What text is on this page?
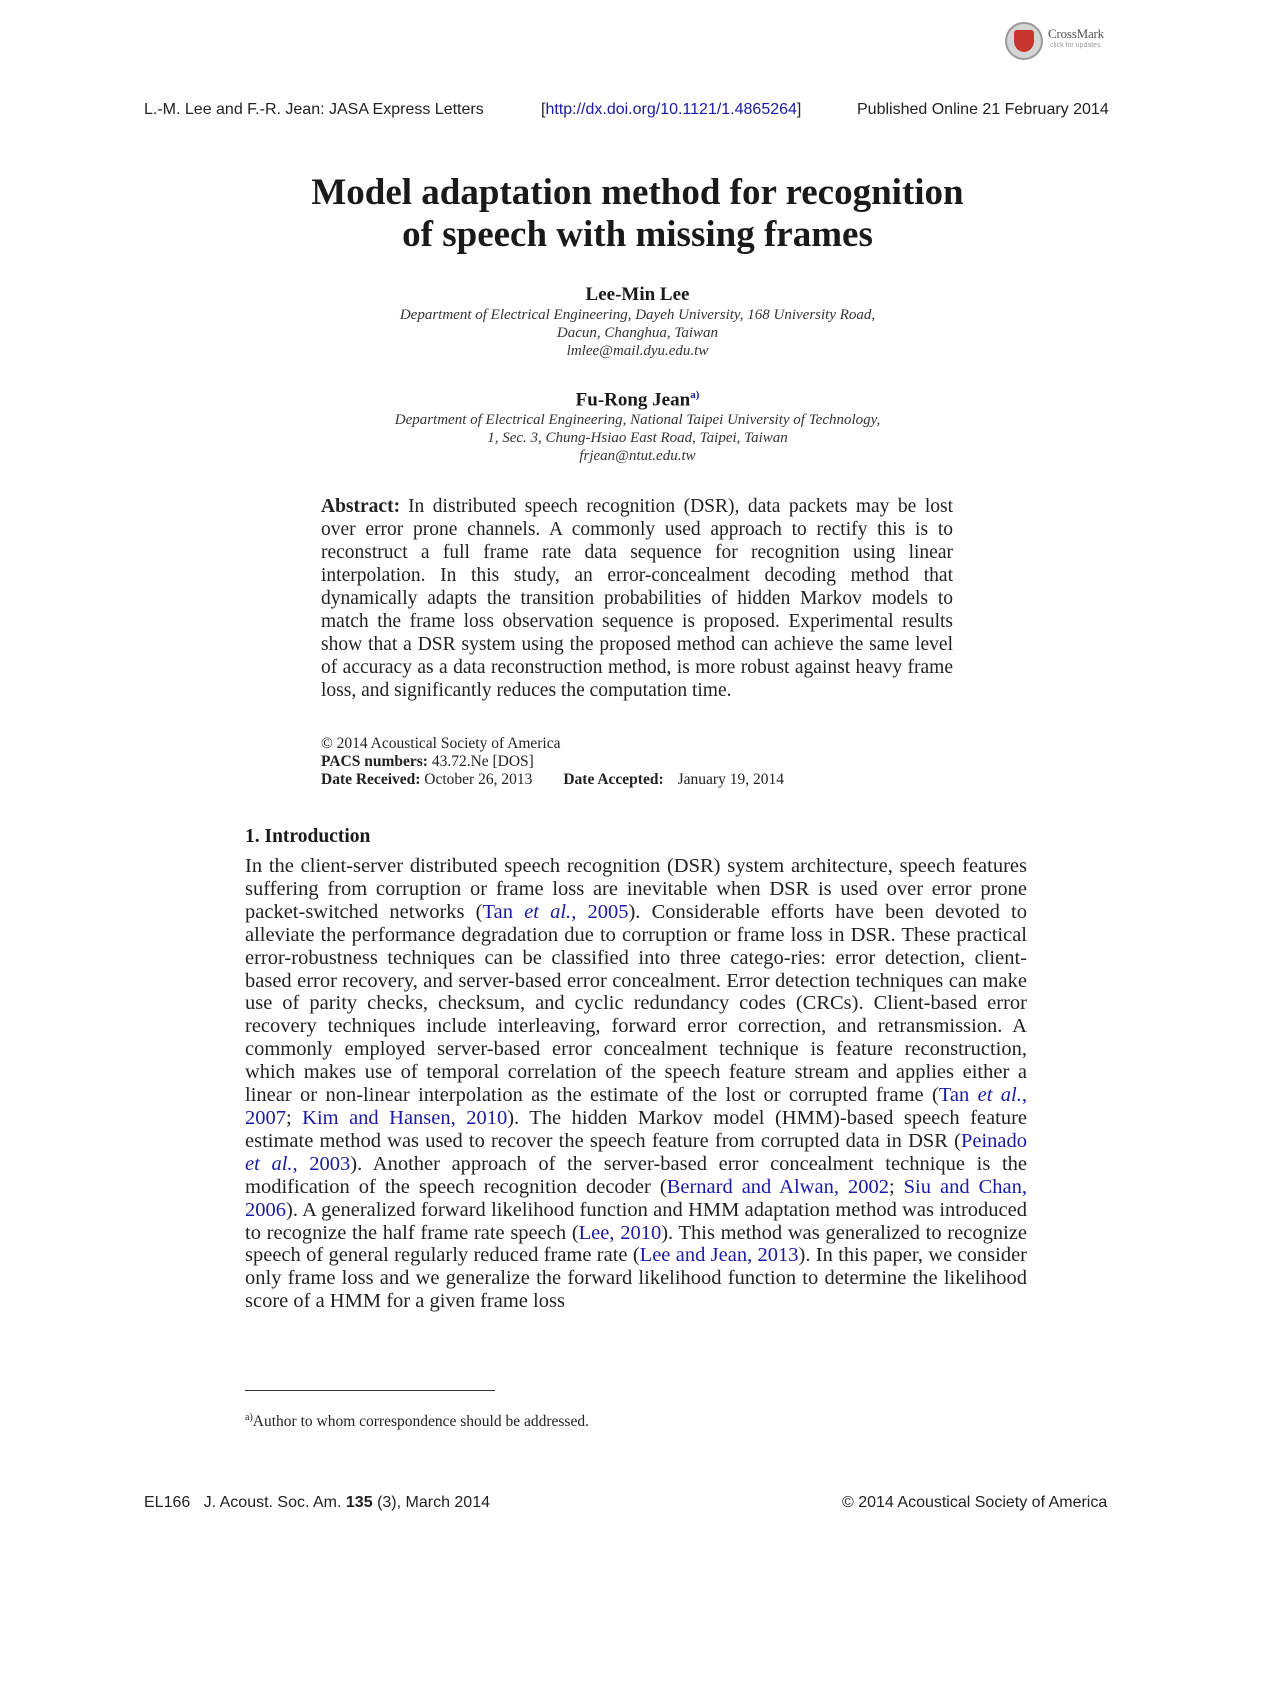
CrossMark
click for updates
L.-M. Lee and F.-R. Jean: JASA Express Letters	[http://dx.doi.org/10.1121/1.4865264]	Published Online 21 February 2014
Model adaptation method for recognition
of speech with missing frames
Lee-Min Lee
Department of Electrical Engineering, Dayeh University, 168 University Road,
Dacun, Changhua, Taiwan
lmlee@mail.dyu.edu.tw
Fu-Rong Jean$^{a)}$
Department of Electrical Engineering, National Taipei University of Technology,
1, Sec. 3, Chung-Hsiao East Road, Taipei, Taiwan
frjean@ntut.edu.tw
Abstract: In distributed speech recognition (DSR), data packets may be lost over error prone channels. A commonly used approach to rectify this is to reconstruct a full frame rate data sequence for recognition using linear interpolation. In this study, an error-concealment decoding method that dynamically adapts the transition probabilities of hidden Markov models to match the frame loss observation sequence is proposed. Experimental results show that a DSR system using the proposed method can achieve the same level of accuracy as a data reconstruction method, is more robust against heavy frame loss, and significantly reduces the computation time.
© 2014 Acoustical Society of America
PACS numbers: 43.72.Ne [DOS]
Date Received: October 26, 2013 Date Accepted: January 19, 2014
1. Introduction
In the client-server distributed speech recognition (DSR) system architecture, speech features suffering from corruption or frame loss are inevitable when DSR is used over error prone packet-switched networks (Tan et al., 2005). Considerable efforts have been devoted to alleviate the performance degradation due to corruption or frame loss in DSR. These practical error-robustness techniques can be classified into three catego-ries: error detection, client-based error recovery, and server-based error concealment. Error detection techniques can make use of parity checks, checksum, and cyclic redundancy codes (CRCs). Client-based error recovery techniques include interleaving, forward error correction, and retransmission. A commonly employed server-based error concealment technique is feature reconstruction, which makes use of temporal correlation of the speech feature stream and applies either a linear or non-linear interpolation as the estimate of the lost or corrupted frame (Tan et al., 2007; Kim and Hansen, 2010). The hidden Markov model (HMM)-based speech feature estimate method was used to recover the speech feature from corrupted data in DSR (Peinado et al., 2003). Another approach of the server-based error concealment technique is the modification of the speech recognition decoder (Bernard and Alwan, 2002; Siu and Chan, 2006). A generalized forward likelihood function and HMM adaptation method was introduced to recognize the half frame rate speech (Lee, 2010). This method was generalized to recognize speech of general regularly reduced frame rate (Lee and Jean, 2013). In this paper, we consider only frame loss and we generalize the forward likelihood function to determine the likelihood score of a HMM for a given frame loss
$^{a)}$Author to whom correspondence should be addressed.
EL166 J. Acoust. Soc. Am. 135 (3), March 2014	© 2014 Acoustical Society of America
